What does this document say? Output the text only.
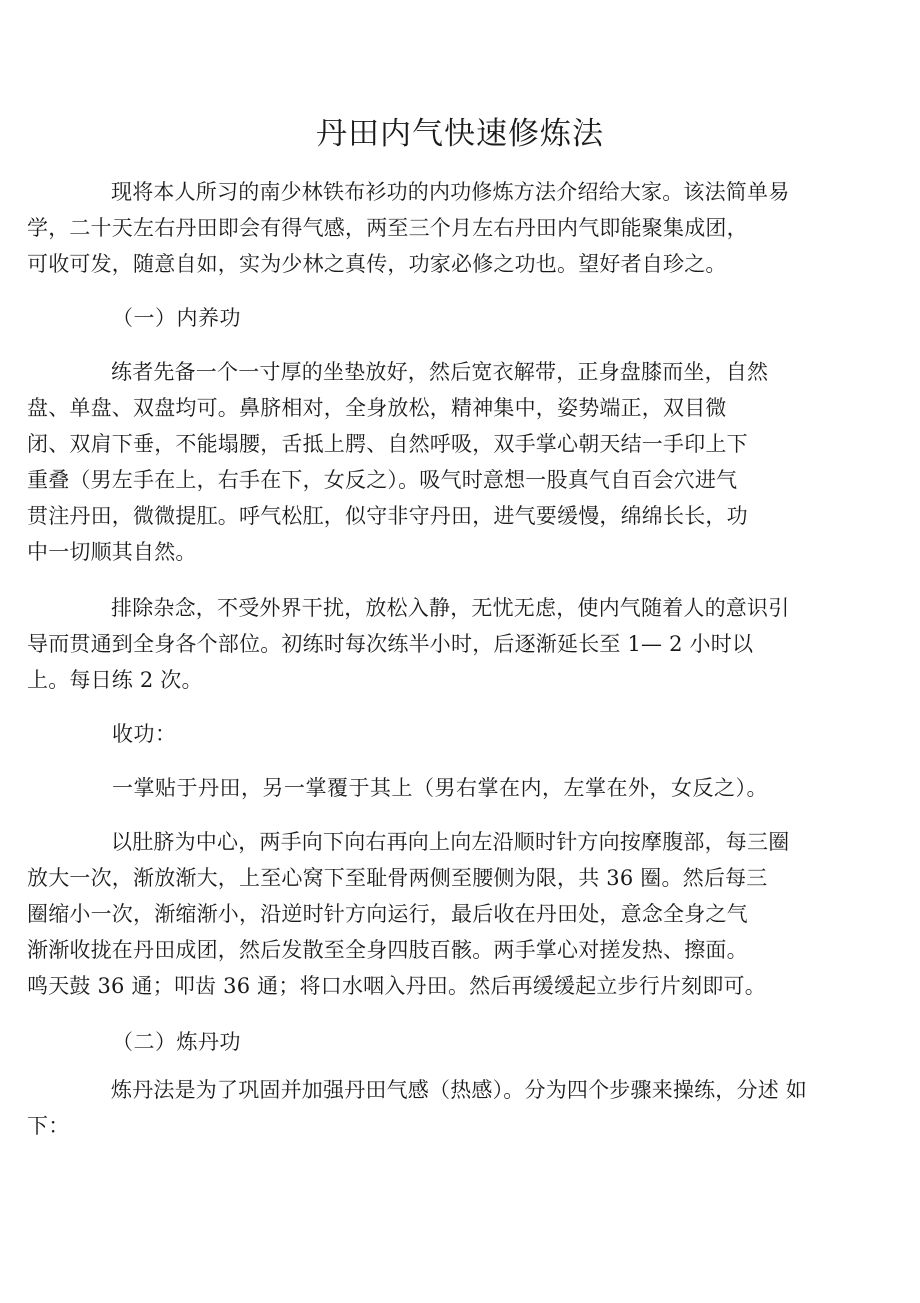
丹田内气快速修炼法

现将本人所习的南少林铁布衫功的内功修炼方法介绍给大家。该法简单易
学，二十天左右丹田即会有得气感，两至三个月左右丹田内气即能聚集成团，
可收可发，随意自如，实为少林之真传，功家必修之功也。望好者自珍之。

（一）内养功

练者先备一个一寸厚的坐垫放好，然后宽衣解带，正身盘膝而坐，自然
盘、单盘、双盘均可。鼻脐相对，全身放松，精神集中，姿势端正，双目微
闭、双肩下垂，不能塌腰，舌抵上腭、自然呼吸，双手掌心朝天结一手印上下
重叠（男左手在上，右手在下，女反之）。吸气时意想一股真气自百会穴进气
贯注丹田，微微提肛。呼气松肛，似守非守丹田，进气要缓慢，绵绵长长，功
中一切顺其自然。

排除杂念，不受外界干扰，放松入静，无忧无虑，使内气随着人的意识引
导而贯通到全身各个部位。初练时每次练半小时，后逐渐延长至 1— 2 小时以
上。每日练 2 次。

收功：

一掌贴于丹田，另一掌覆于其上（男右掌在内，左掌在外，女反之）。

以肚脐为中心，两手向下向右再向上向左沿顺时针方向按摩腹部，每三圈
放大一次，渐放渐大，上至心窝下至耻骨两侧至腰侧为限，共 36 圈。然后每三
圈缩小一次，渐缩渐小，沿逆时针方向运行，最后收在丹田处，意念全身之气
渐渐收拢在丹田成团，然后发散至全身四肢百骸。两手掌心对搓发热、擦面。
鸣天鼓 36 通；叩齿 36 通；将口水咽入丹田。然后再缓缓起立步行片刻即可。

（二）炼丹功

炼丹法是为了巩固并加强丹田气感（热感）。分为四个步骤来操练，分述 如
下：
